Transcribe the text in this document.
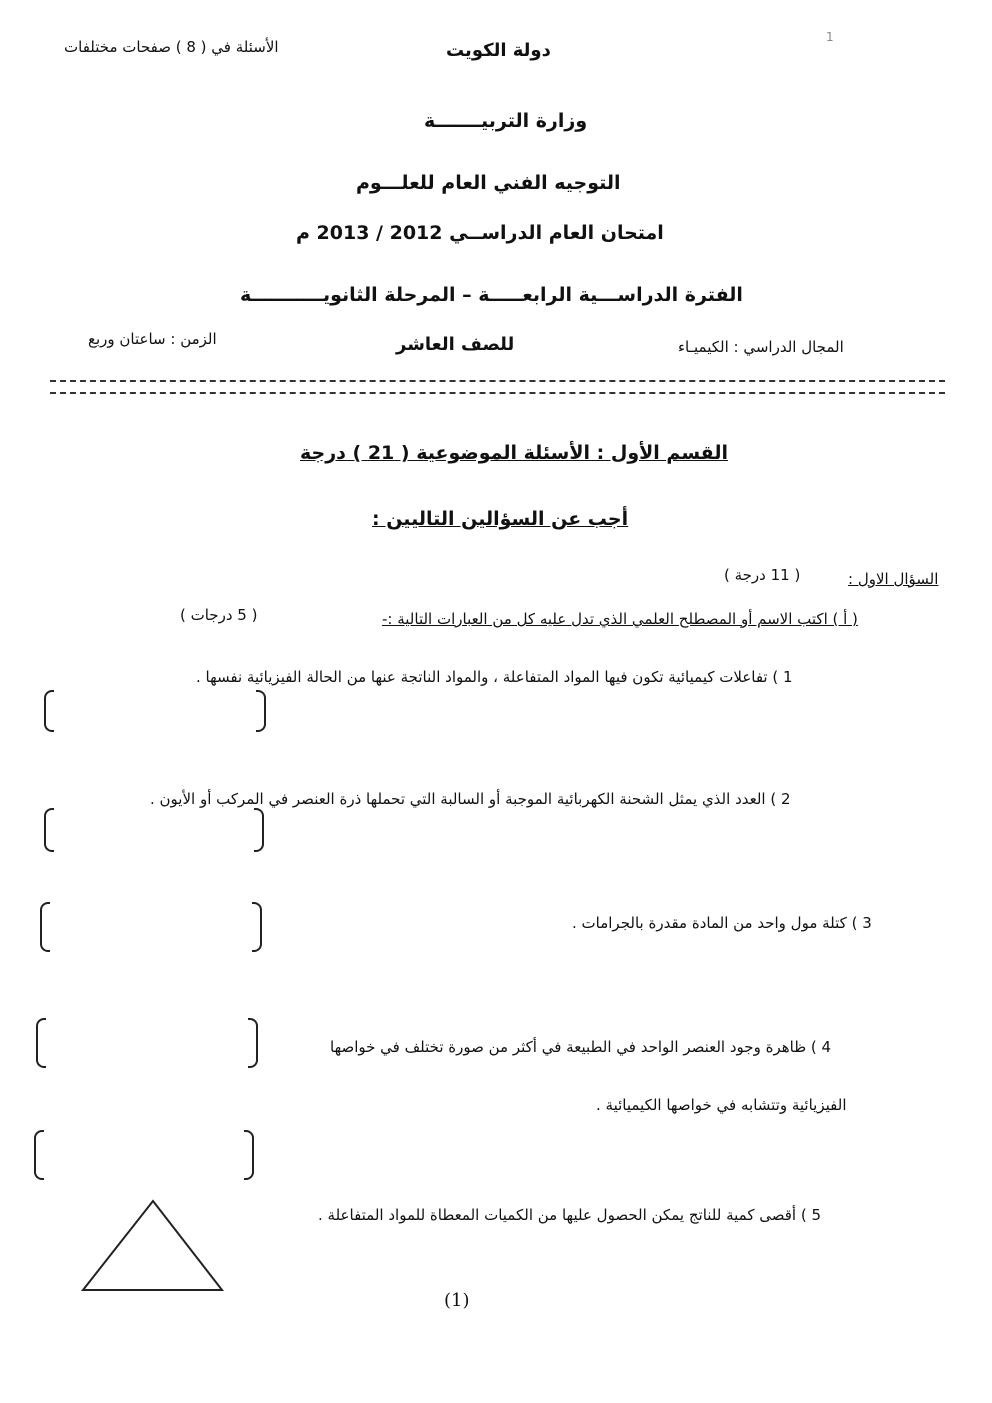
الأسئلة في ( 8 ) صفحات مختلفات	دولة الكويت
1
وزارة التربيـــــــة
التوجيه الفني العام للعلـــوم
امتحان العام الدراســي 2012 / 2013 م
الفترة الدراســـية الرابعـــــة – المرحلة الثانويـــــــــــة
المجال الدراسي : الكيميـاء
للصف العاشر
الزمن : ساعتان وربع
القسم الأول : الأسئلة الموضوعية ( 21 ) درجة
أجب عن السؤالين التاليين :
السؤال الاول :
( 11 درجة )
( أ ) اكتب الاسم أو المصطلح العلمي الذي تدل عليه كل من العبارات التالية :-
( 5 درجات )
1 ) تفاعلات كيميائية تكون فيها المواد المتفاعلة ، والمواد الناتجة عنها من الحالة الفيزيائية نفسها .
2 ) العدد الذي يمثل الشحنة الكهربائية الموجبة أو السالبة التي تحملها ذرة العنصر في المركب أو الأيون .
3 ) كتلة مول واحد من المادة مقدرة بالجرامات .
4 ) ظاهرة وجود العنصر الواحد في الطبيعة في أكثر من صورة تختلف في خواصها
الفيزيائية وتتشابه في خواصها الكيميائية .
5 ) أقصى كمية للناتج يمكن الحصول عليها من الكميات المعطاة للمواد المتفاعلة .
(1)
